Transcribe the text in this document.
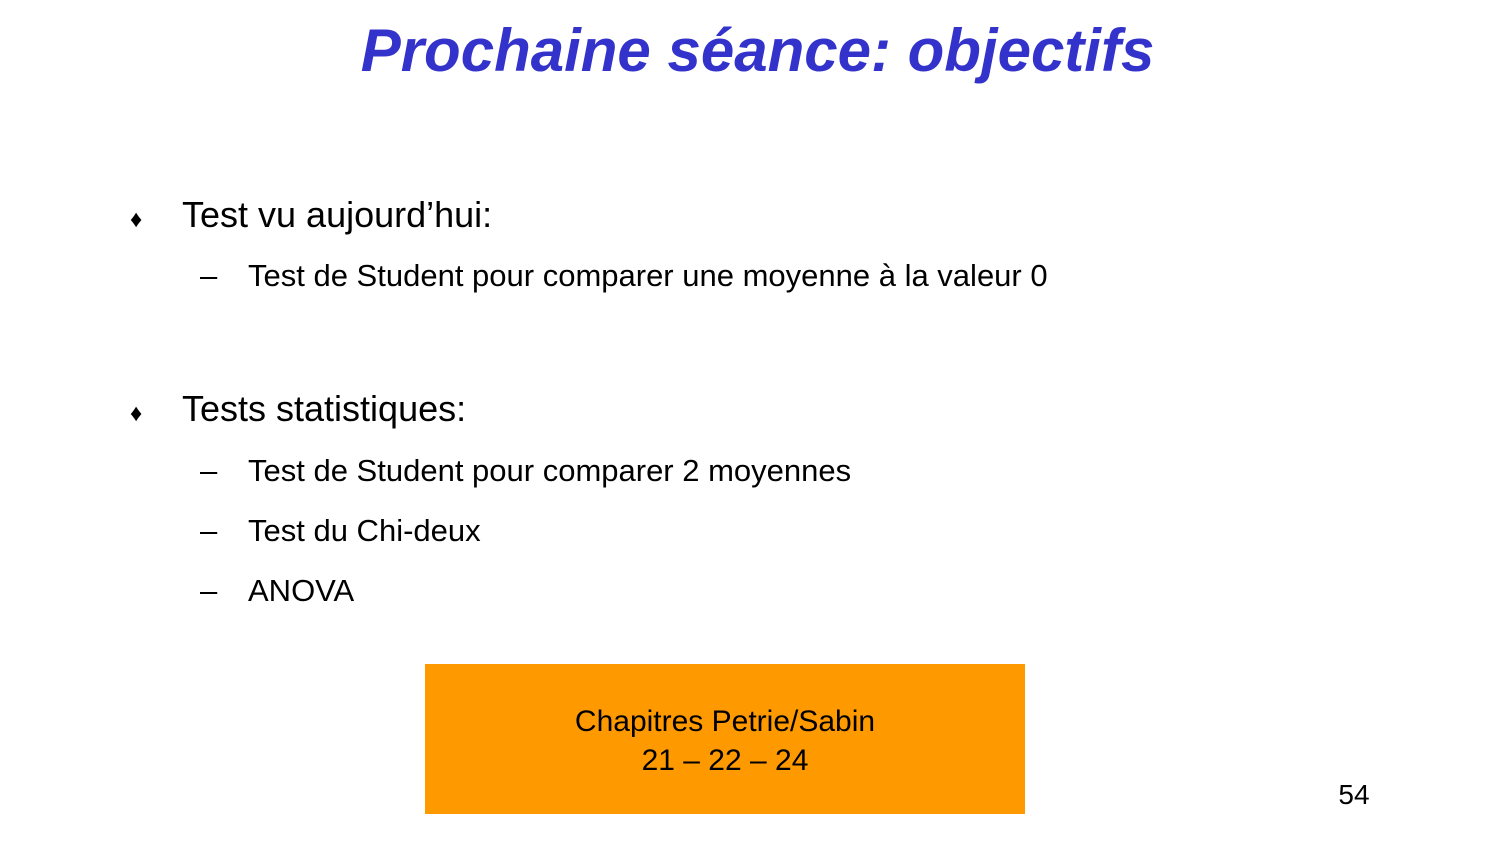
Prochaine séance: objectifs
♦	Test vu aujourd’hui:
– Test de Student pour comparer une moyenne à la valeur 0
♦	Tests statistiques:
– Test de Student pour comparer 2 moyennes
– Test du Chi-deux
– ANOVA
Chapitres Petrie/Sabin
21 – 22 – 24
54
